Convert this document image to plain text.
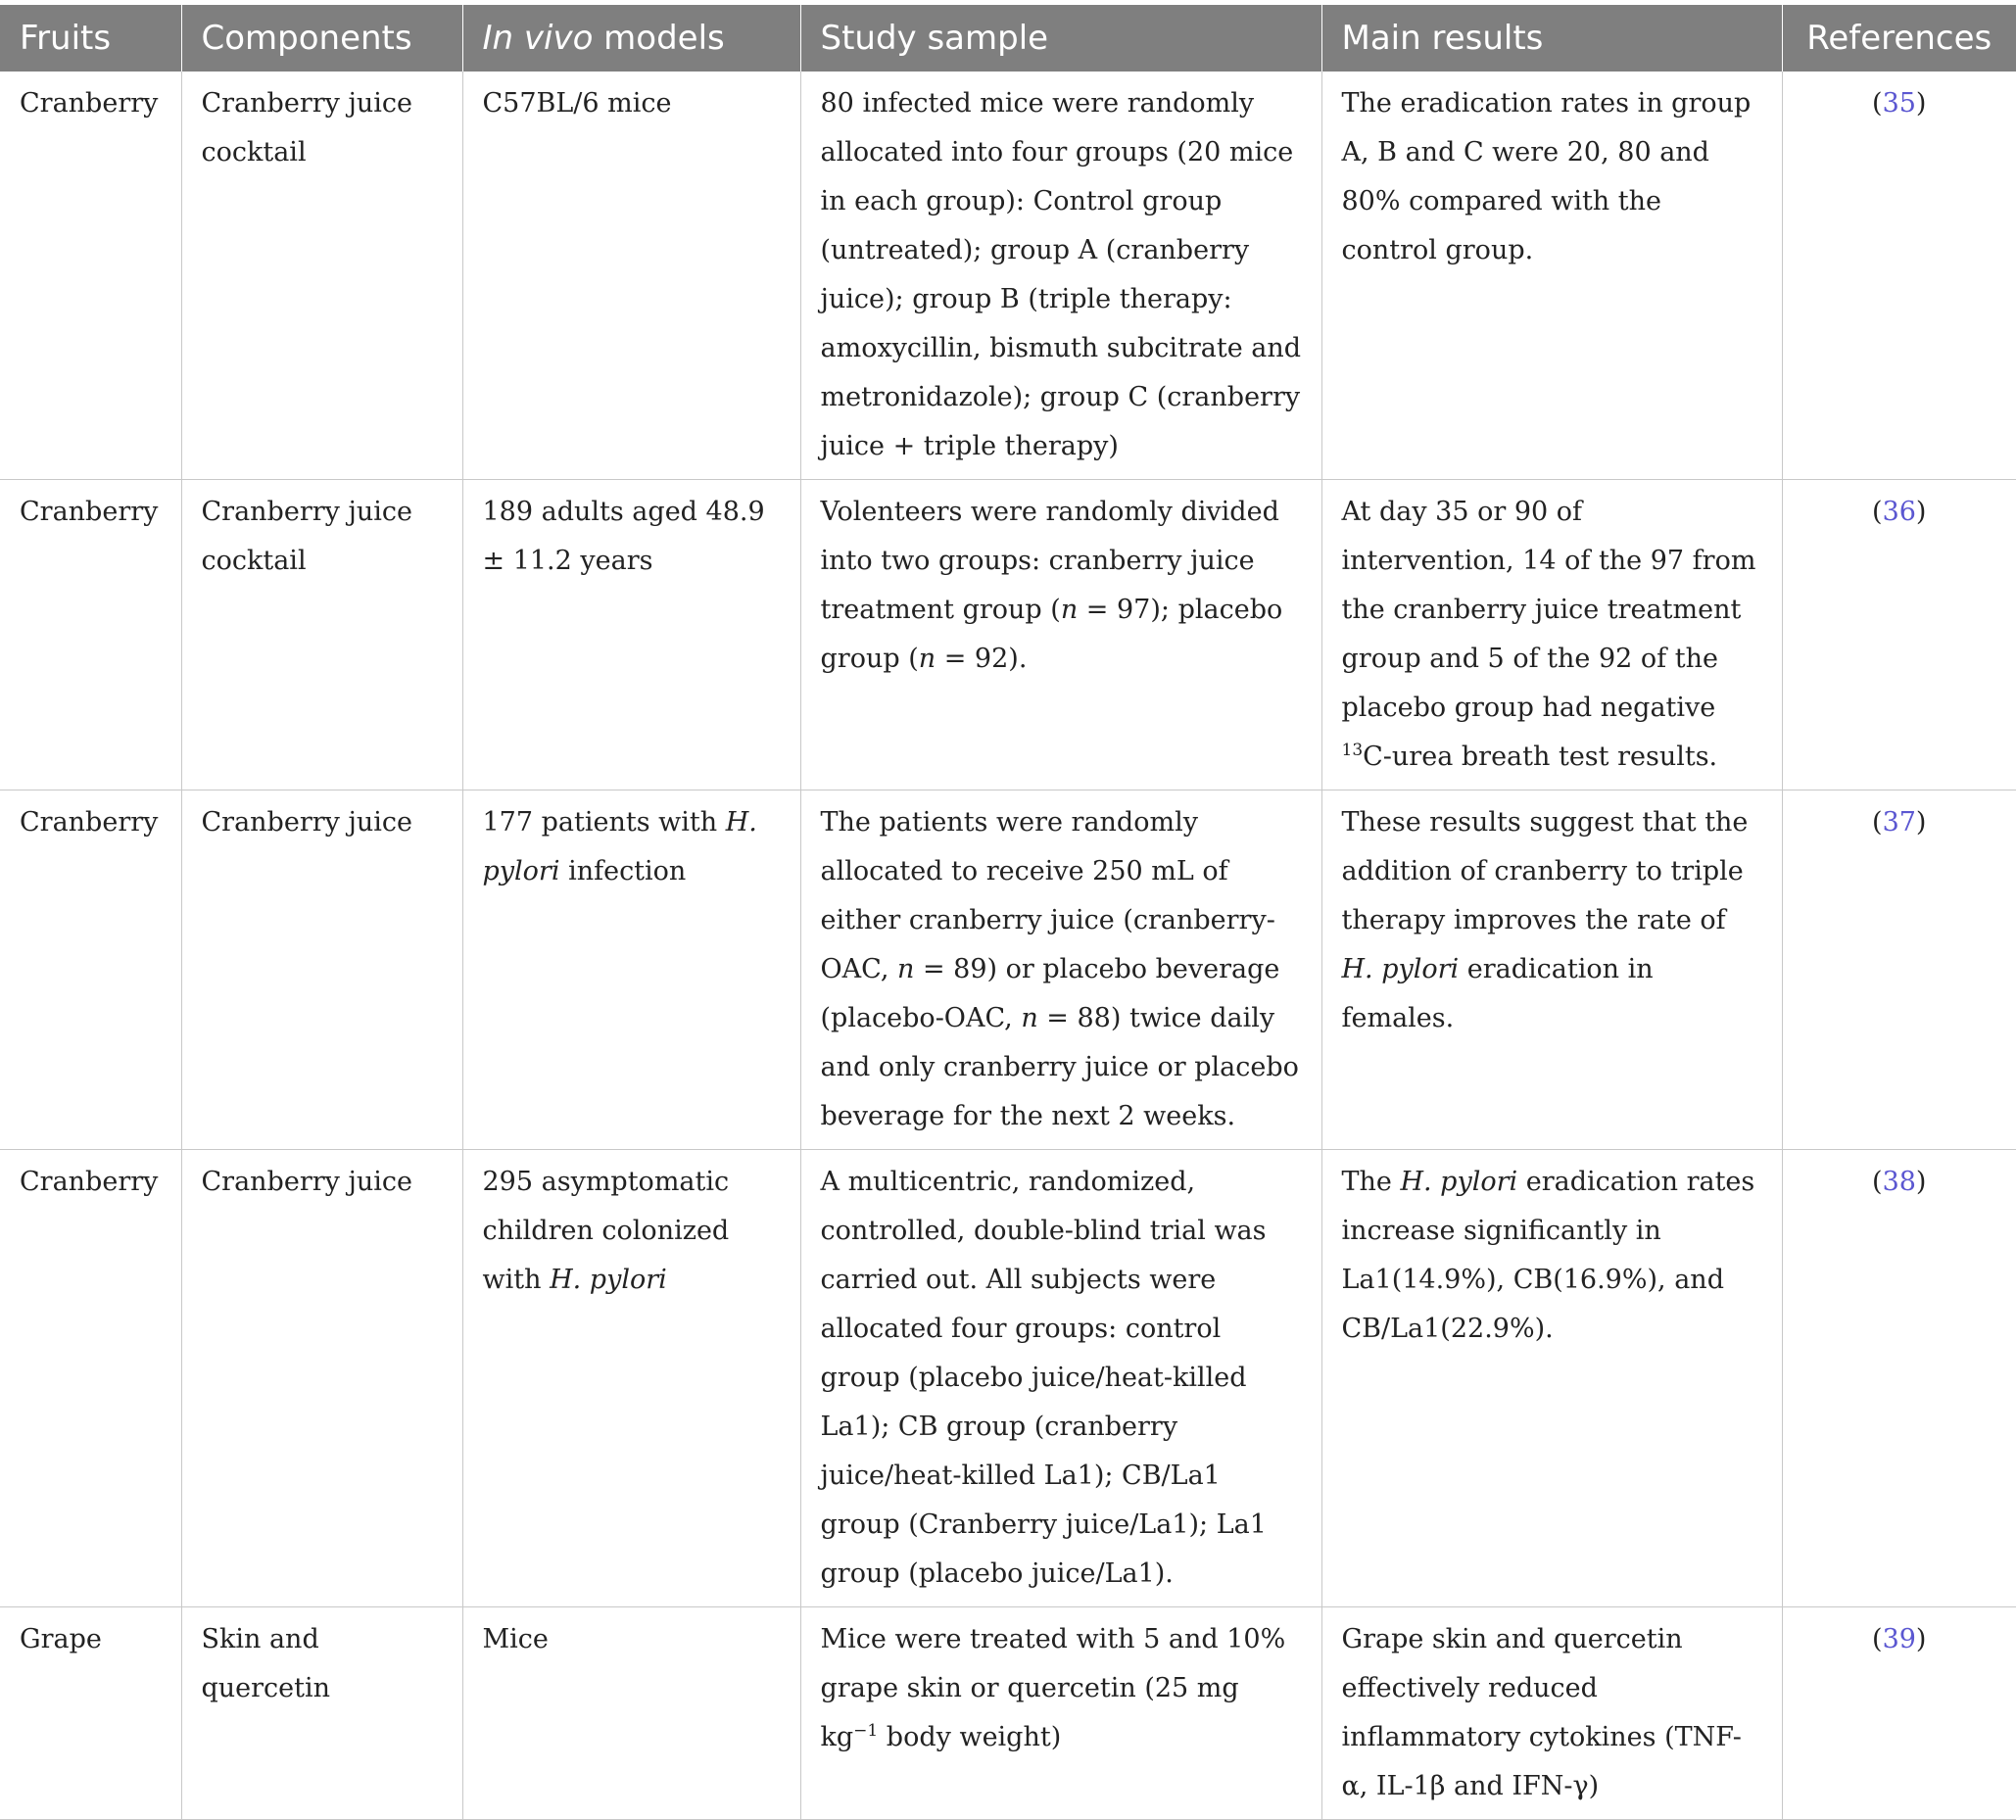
Fruits	Components	In vivo models	Study sample	Main results	References
Cranberry	Cranberry juice cocktail	C57BL/6 mice	80 infected mice were randomly allocated into four groups (20 mice in each group): Control group (untreated); group A (cranberry juice); group B (triple therapy: amoxycillin, bismuth subcitrate and metronidazole); group C (cranberry juice + triple therapy)	The eradication rates in group A, B and C were 20, 80 and 80% compared with the control group.	(35)
Cranberry	Cranberry juice cocktail	189 adults aged 48.9 ± 11.2 years	Volenteers were randomly divided into two groups: cranberry juice treatment group (n = 97); placebo group (n = 92).	At day 35 or 90 of intervention, 14 of the 97 from the cranberry juice treatment group and 5 of the 92 of the placebo group had negative $^{13}$C-urea breath test results.	(36)
Cranberry	Cranberry juice	177 patients with H. pylori infection	The patients were randomly allocated to receive 250 mL of either cranberry juice (cranberry-OAC, n = 89) or placebo beverage (placebo-OAC, n = 88) twice daily and only cranberry juice or placebo beverage for the next 2 weeks.	These results suggest that the addition of cranberry to triple therapy improves the rate of H. pylori eradication in females.	(37)
Cranberry	Cranberry juice	295 asymptomatic children colonized with H. pylori	A multicentric, randomized, controlled, double-blind trial was carried out. All subjects were allocated four groups: control group (placebo juice/heat-killed La1); CB group (cranberry juice/heat-killed La1); CB/La1 group (Cranberry juice/La1); La1 group (placebo juice/La1).	The H. pylori eradication rates increase significantly in La1(14.9%), CB(16.9%), and CB/La1(22.9%).	(38)
Grape	Skin and quercetin	Mice	Mice were treated with 5 and 10% grape skin or quercetin (25 mg $kg^{-1}$ body weight)	Grape skin and quercetin effectively reduced inflammatory cytokines (TNF-α, IL-1β and IFN-γ)	(39)
